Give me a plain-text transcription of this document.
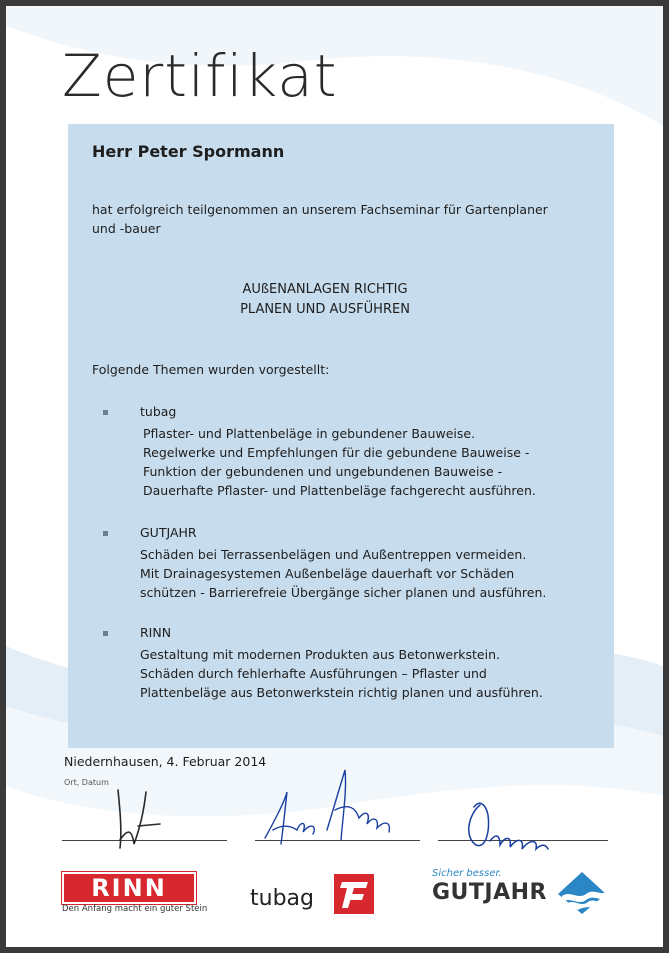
Zertifikat
Herr Peter Spormann
hat erfolgreich teilgenommen an unserem Fachseminar für Gartenplaner
und -bauer
AUßENANLAGEN RICHTIG
PLANEN UND AUSFÜHREN
Folgende Themen wurden vorgestellt:
tubag
Pflaster- und Plattenbeläge in gebundener Bauweise.
Regelwerke und Empfehlungen für die gebundene Bauweise -
Funktion der gebundenen und ungebundenen Bauweise -
Dauerhafte Pflaster- und Plattenbeläge fachgerecht ausführen.
GUTJAHR
Schäden bei Terrassenbelägen und Außentreppen vermeiden.
Mit Drainagesystemen Außenbeläge dauerhaft vor Schäden
schützen - Barrierefreie Übergänge sicher planen und ausführen.
RINN
Gestaltung mit modernen Produkten aus Betonwerkstein.
Schäden durch fehlerhafte Ausführungen – Pflaster und
Plattenbeläge aus Betonwerkstein richtig planen und ausführen.
Niedernhausen, 4. Februar 2014
Ort, Datum
RINN
Den Anfang macht ein guter Stein tubag
Sicher besser.
GUTJAHR
